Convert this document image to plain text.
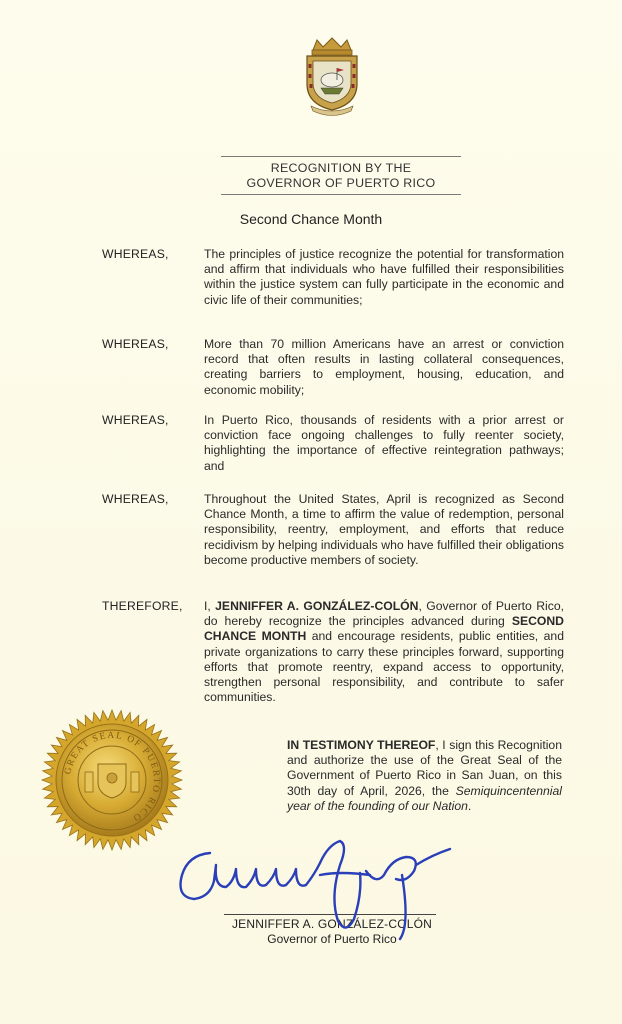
RECOGNITION BY THE
GOVERNOR OF PUERTO RICO
Second Chance Month
WHEREAS,	The principles of justice recognize the potential for transformation and affirm that individuals who have fulfilled their responsibilities within the justice system can fully participate in the economic and civic life of their communities;
WHEREAS,	More than 70 million Americans have an arrest or conviction record that often results in lasting collateral consequences, creating barriers to employment, housing, education, and economic mobility;
WHEREAS,	In Puerto Rico, thousands of residents with a prior arrest or conviction face ongoing challenges to fully reenter society, highlighting the importance of effective reintegration pathways; and
WHEREAS,	Throughout the United States, April is recognized as Second Chance Month, a time to affirm the value of redemption, personal responsibility, reentry, employment, and efforts that reduce recidivism by helping individuals who have fulfilled their obligations become productive members of society.
THEREFORE, I, JENNIFFER A. GONZÁLEZ-COLÓN, Governor of Puerto Rico, do hereby recognize the principles advanced during SECOND CHANCE MONTH and encourage residents, public entities, and private organizations to carry these principles forward, supporting efforts that promote reentry, expand access to opportunity, strengthen personal responsibility, and contribute to safer communities.
GREAT SEAL OF PUERTO RICO
IN TESTIMONY THEREOF, I sign this Recognition and authorize the use of the Great Seal of the Government of Puerto Rico in San Juan, on this 30th day of April, 2026, the Semiquincentennial year of the founding of our Nation.
JENNIFFER A. GONZÁLEZ-COLÓN
Governor of Puerto Rico
